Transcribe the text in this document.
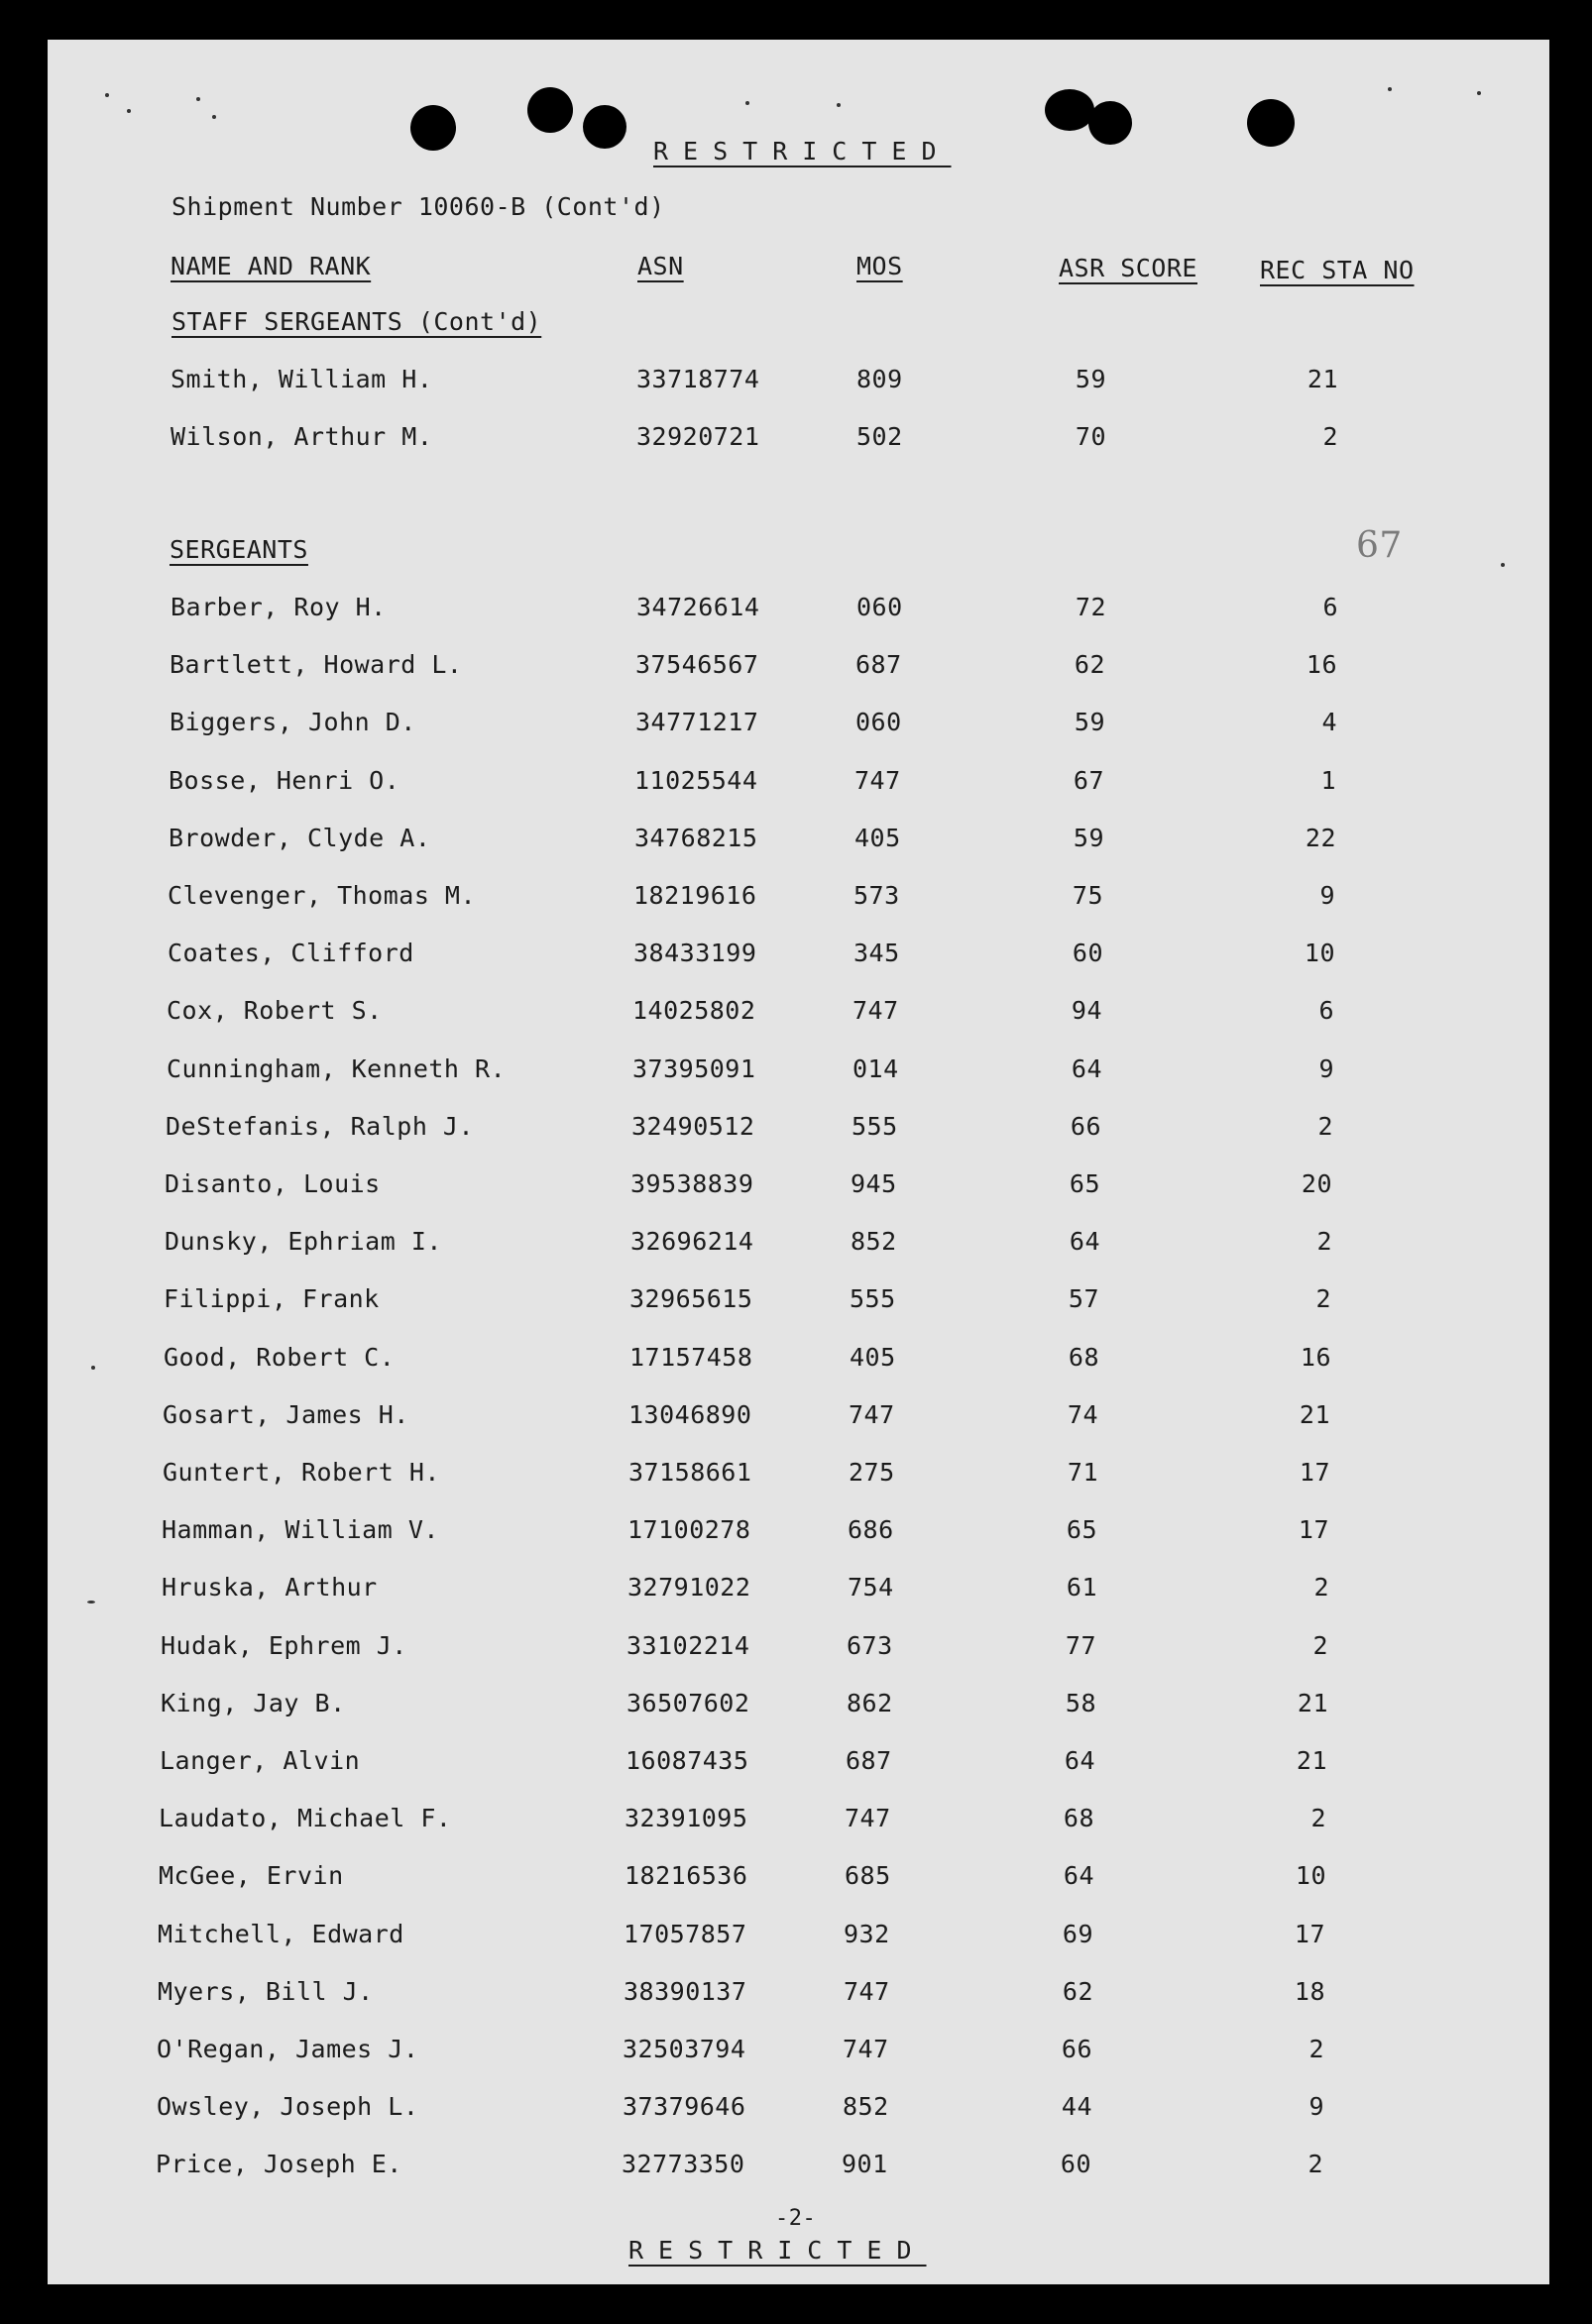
RESTRICTED
Shipment Number 10060-B (Cont'd)
NAME AND RANK	ASN	MOS	ASR SCORE	REC STA NO
STAFF SERGEANTS (Cont'd)
Smith, William H.	33718774	809	59	21
Wilson, Arthur M.	32920721	502	70	2
67
SERGEANTS
Barber, Roy H.	34726614	060	72	6
Bartlett, Howard L.	37546567	687	62	16
Biggers, John D.	34771217	060	59	4
Bosse, Henri O.	11025544	747	67	1
Browder, Clyde A.	34768215	405	59	22
Clevenger, Thomas M.	18219616	573	75	9
Coates, Clifford	38433199	345	60	10
Cox, Robert S.	14025802	747	94	6
Cunningham, Kenneth R.	37395091	014	64	9
DeStefanis, Ralph J.	32490512	555	66	2
Disanto, Louis	39538839	945	65	20
Dunsky, Ephriam I.	32696214	852	64	2
Filippi, Frank	32965615	555	57	2
Good, Robert C.	17157458	405	68	16
Gosart, James H.	13046890	747	74	21
Guntert, Robert H.	37158661	275	71	17
Hamman, William V.	17100278	686	65	17
Hruska, Arthur	32791022	754	61	2
Hudak, Ephrem J.	33102214	673	77	2
King, Jay B.	36507602	862	58	21
Langer, Alvin	16087435	687	64	21
Laudato, Michael F.	32391095	747	68	2
McGee, Ervin	18216536	685	64	10
Mitchell, Edward	17057857	932	69	17
Myers, Bill J.	38390137	747	62	18
O'Regan, James J.	32503794	747	66	2
Owsley, Joseph L.	37379646	852	44	9
Price, Joseph E.	32773350	901	60	2
-2-
RESTRICTED
